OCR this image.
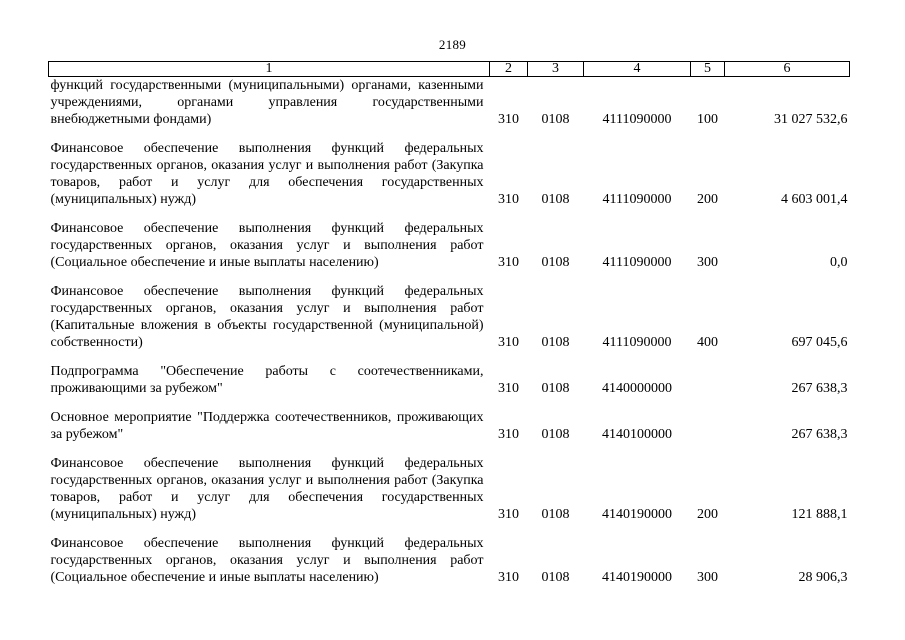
2189
1	2	3	4	5	6
функций государственными (муниципальными) органами, казенными учреждениями, органами управления государственными внебюджетными фондами)	310	0108	4111090000	100	31 027 532,6
Финансовое обеспечение выполнения функций федеральных государственных органов, оказания услуг и выполнения работ (Закупка товаров, работ и услуг для обеспечения государственных (муниципальных) нужд)	310	0108	4111090000	200	4 603 001,4
Финансовое обеспечение выполнения функций федеральных государственных органов, оказания услуг и выполнения работ (Социальное обеспечение и иные выплаты населению)	310	0108	4111090000	300	0,0
Финансовое обеспечение выполнения функций федеральных государственных органов, оказания услуг и выполнения работ (Капитальные вложения в объекты государственной (муниципальной) собственности)	310	0108	4111090000	400	697 045,6
Подпрограмма "Обеспечение работы с соотечественниками, проживающими за рубежом"	310	0108	4140000000		267 638,3
Основное мероприятие "Поддержка соотечественников, проживающих за рубежом"	310	0108	4140100000		267 638,3
Финансовое обеспечение выполнения функций федеральных государственных органов, оказания услуг и выполнения работ (Закупка товаров, работ и услуг для обеспечения государственных (муниципальных) нужд)	310	0108	4140190000	200	121 888,1
Финансовое обеспечение выполнения функций федеральных государственных органов, оказания услуг и выполнения работ (Социальное обеспечение и иные выплаты населению)	310	0108	4140190000	300	28 906,3
